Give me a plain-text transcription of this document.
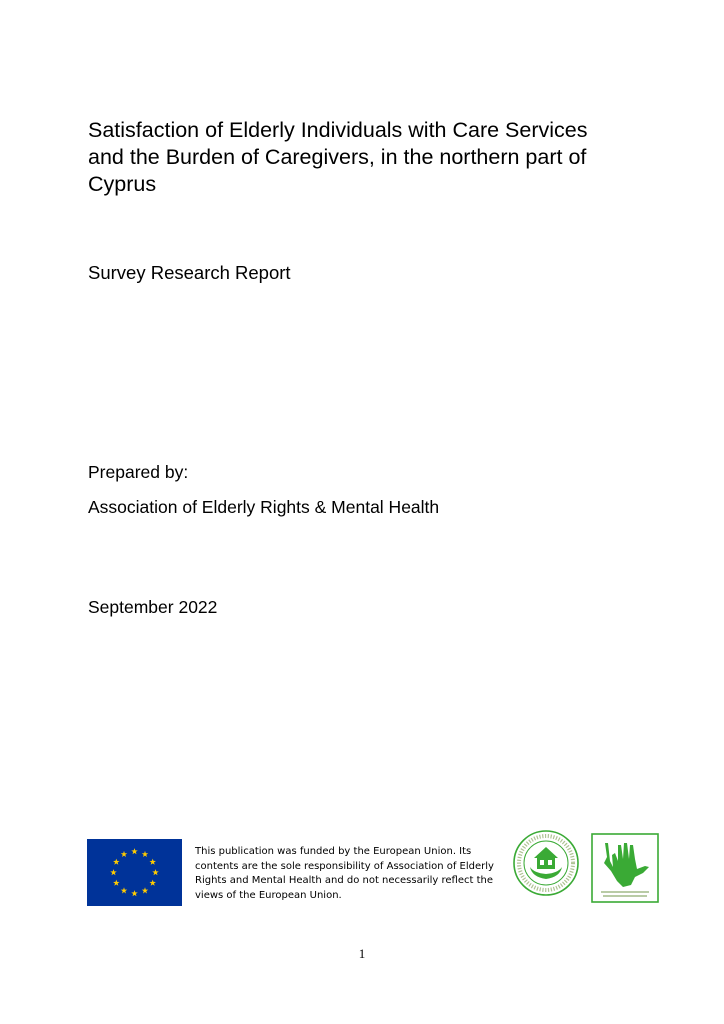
Satisfaction of Elderly Individuals with Care Services and the Burden of Caregivers, in the northern part of Cyprus

Survey Research Report

Prepared by:

Association of Elderly Rights & Mental Health

September 2022

This publication was funded by the European Union. Its contents are the sole responsibility of Association of Elderly Rights and Mental Health and do not necessarily reflect the views of the European Union.

1
